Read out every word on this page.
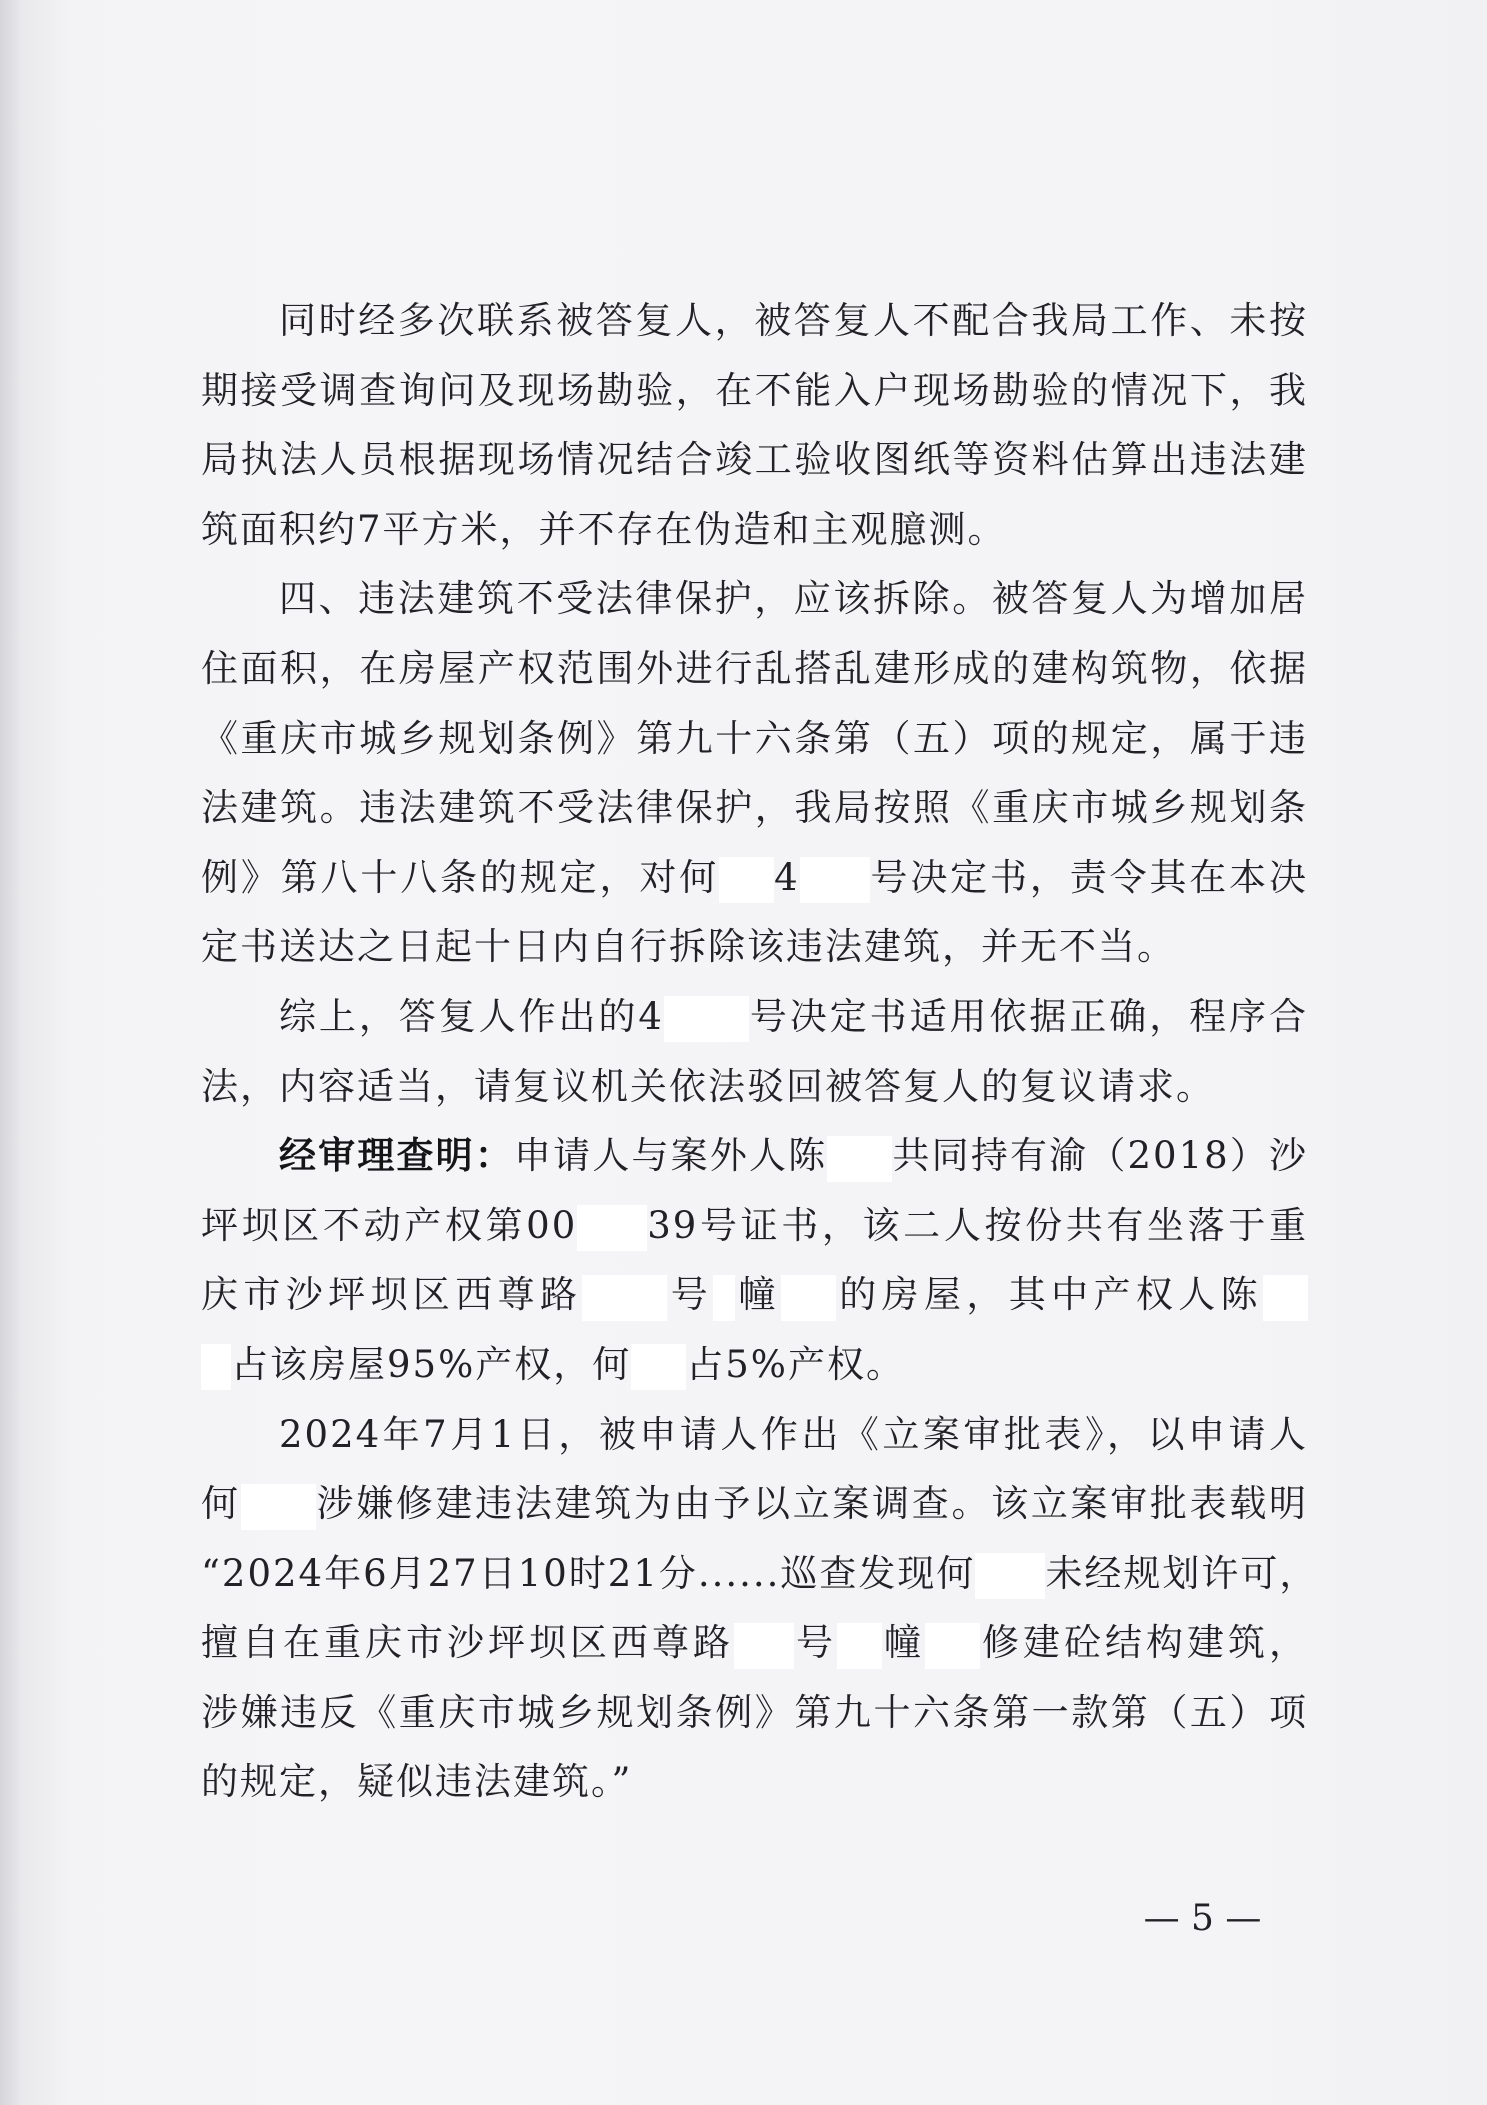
同时经多次联系被答复人，被答复人不配合我局工作、未按
期接受调查询问及现场勘验，在不能入户现场勘验的情况下，我
局执法人员根据现场情况结合竣工验收图纸等资料估算出违法建
筑面积约7平方米，并不存在伪造和主观臆测。
四、违法建筑不受法律保护，应该拆除。被答复人为增加居
住面积，在房屋产权范围外进行乱搭乱建形成的建构筑物，依据
《重庆市城乡规划条例》第九十六条第（五）项的规定，属于违
法建筑。违法建筑不受法律保护，我局按照《重庆市城乡规划条
例》第八十八条的规定，对何 4 号决定书，责令其在本决
定书送达之日起十日内自行拆除该违法建筑，并无不当。
综上，答复人作出的4 号决定书适用依据正确，程序合
法，内容适当，请复议机关依法驳回被答复人的复议请求。
经审理查明：申请人与案外人陈 共同持有渝（2018）沙
坪坝区不动产权第00 39号证书，该二人按份共有坐落于重
庆市沙坪坝区西尊路 号 幢 的房屋，其中产权人陈
占该房屋95%产权，何 占5%产权。
2024年7月1日，被申请人作出《立案审批表》，以申请人
何 涉嫌修建违法建筑为由予以立案调查。该立案审批表载明
“2024年6月27日10时21分......巡查发现何 未经规划许可，
擅自在重庆市沙坪坝区西尊路 号 幢 修建砼结构建筑，
涉嫌违反《重庆市城乡规划条例》第九十六条第一款第（五）项
的规定，疑似违法建筑。”
— 5 —
